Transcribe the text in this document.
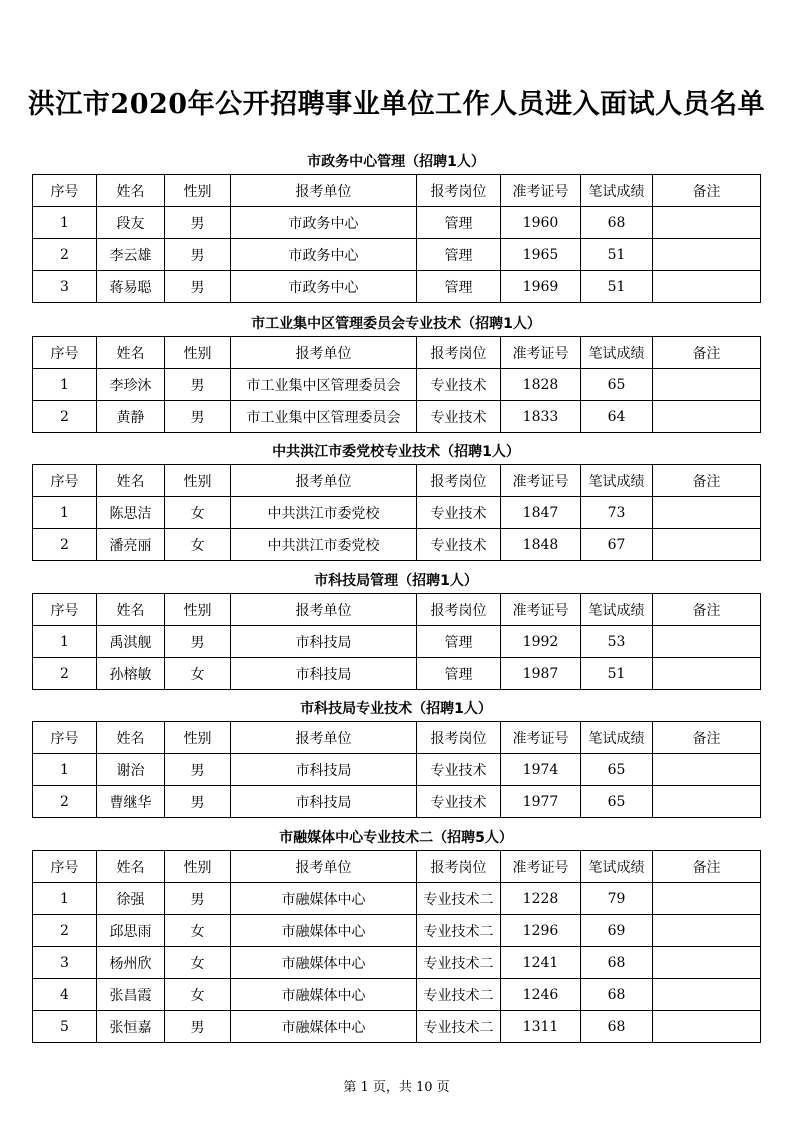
洪江市2020年公开招聘事业单位工作人员进入面试人员名单
市政务中心管理（招聘1人）
序号	姓名	性别	报考单位	报考岗位	准考证号	笔试成绩	备注
1	段友	男	市政务中心	管理	1960	68	
2	李云雄	男	市政务中心	管理	1965	51	
3	蒋易聪	男	市政务中心	管理	1969	51	
市工业集中区管理委员会专业技术（招聘1人）
序号	姓名	性别	报考单位	报考岗位	准考证号	笔试成绩	备注
1	李珍沐	男	市工业集中区管理委员会	专业技术	1828	65	
2	黄静	男	市工业集中区管理委员会	专业技术	1833	64	
中共洪江市委党校专业技术（招聘1人）
序号	姓名	性别	报考单位	报考岗位	准考证号	笔试成绩	备注
1	陈思洁	女	中共洪江市委党校	专业技术	1847	73	
2	潘亮丽	女	中共洪江市委党校	专业技术	1848	67	
市科技局管理（招聘1人）
序号	姓名	性别	报考单位	报考岗位	准考证号	笔试成绩	备注
1	禹淇舰	男	市科技局	管理	1992	53	
2	孙榕敏	女	市科技局	管理	1987	51	
市科技局专业技术（招聘1人）
序号	姓名	性别	报考单位	报考岗位	准考证号	笔试成绩	备注
1	谢治	男	市科技局	专业技术	1974	65	
2	曹继华	男	市科技局	专业技术	1977	65	
市融媒体中心专业技术二（招聘5人）
序号	姓名	性别	报考单位	报考岗位	准考证号	笔试成绩	备注
1	徐强	男	市融媒体中心	专业技术二	1228	79	
2	邱思雨	女	市融媒体中心	专业技术二	1296	69	
3	杨州欣	女	市融媒体中心	专业技术二	1241	68	
4	张昌霞	女	市融媒体中心	专业技术二	1246	68	
5	张恒嘉	男	市融媒体中心	专业技术二	1311	68	
第 1 页，共 10 页
